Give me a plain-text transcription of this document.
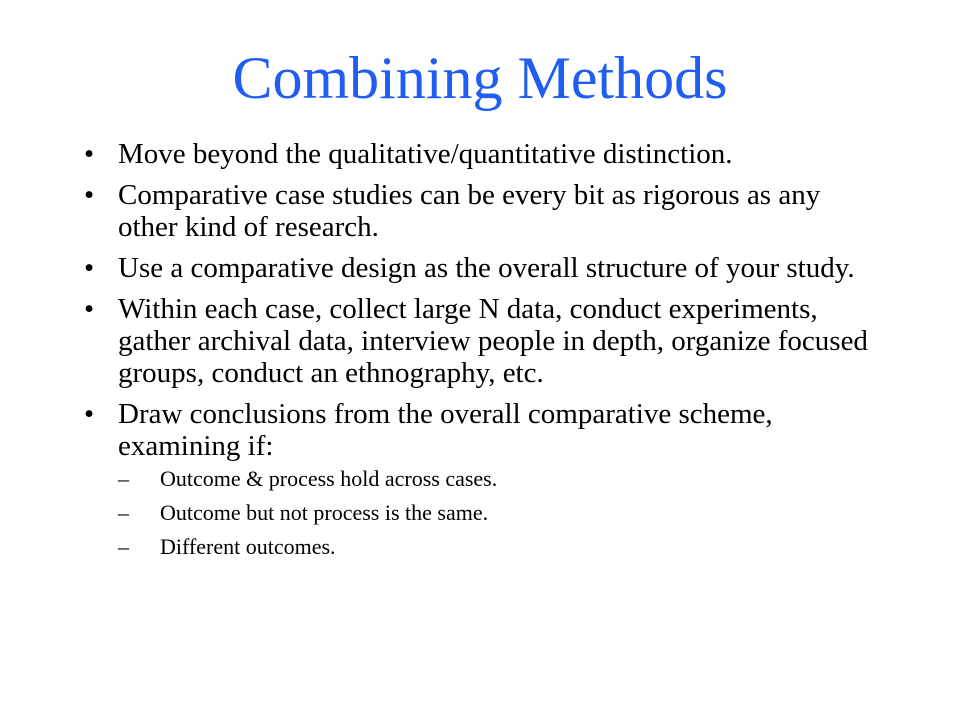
Combining Methods
• Move beyond the qualitative/quantitative distinction.
• Comparative case studies can be every bit as rigorous as any other kind of research.
• Use a comparative design as the overall structure of your study.
• Within each case, collect large N data, conduct experiments, gather archival data, interview people in depth, organize focused groups, conduct an ethnography, etc.
• Draw conclusions from the overall comparative scheme, examining if:
– Outcome & process hold across cases.
– Outcome but not process is the same.
– Different outcomes.
